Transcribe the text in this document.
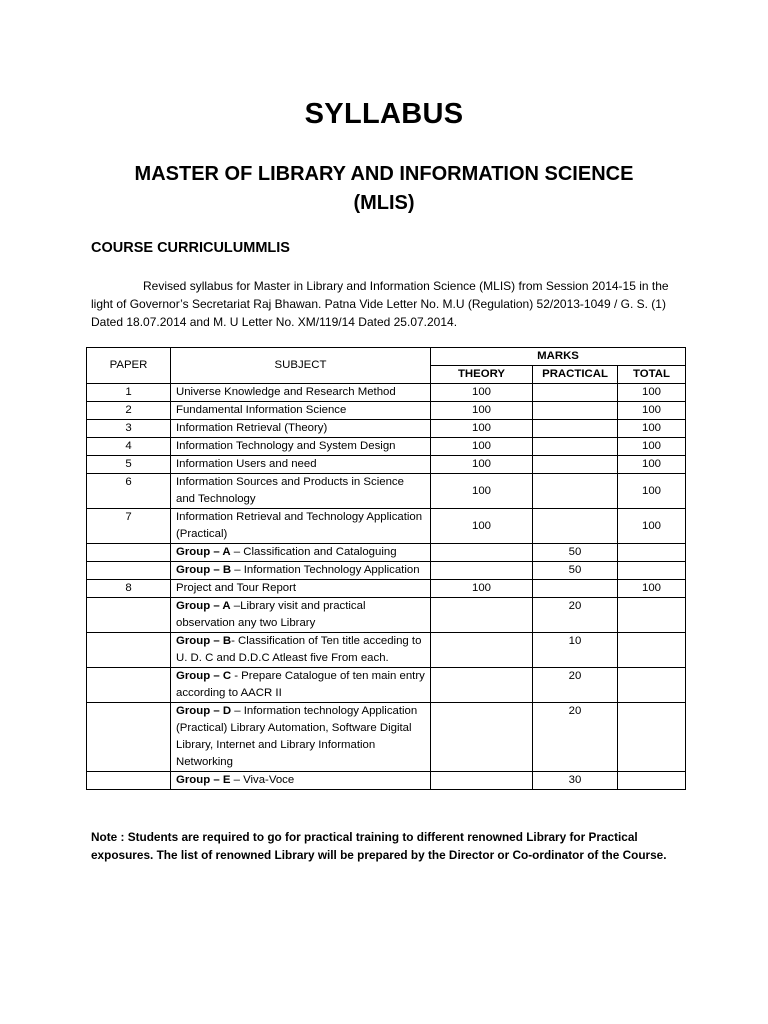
SYLLABUS
MASTER OF LIBRARY AND INFORMATION SCIENCE
(MLIS)
COURSE CURRICULUMMLIS
Revised syllabus for Master in Library and Information Science (MLIS) from Session 2014-15 in the light of Governor’s Secretariat Raj Bhawan. Patna Vide Letter No. M.U (Regulation) 52/2013-1049 / G. S. (1) Dated 18.07.2014 and M. U Letter No. XM/119/14 Dated 25.07.2014.
PAPER	SUBJECT	MARKS		
		THEORY	PRACTICAL	TOTAL
1	Universe Knowledge and Research Method	100		100
2	Fundamental Information Science	100		100
3	Information Retrieval (Theory)	100		100
4	Information Technology and System Design	100		100
5	Information Users and need	100		100
6	Information Sources and Products in Science and Technology	100		100
7	Information Retrieval and Technology Application (Practical)	100		100
	Group – A – Classification and Cataloguing		50	
	Group – B – Information Technology Application		50	
8	Project and Tour Report	100		100
	Group – A –Library visit and practical observation any two Library		20	
	Group – B- Classification of Ten title acceding to U. D. C and D.D.C Atleast five From each.		10	
	Group – C - Prepare Catalogue of ten main entry according to AACR II		20	
	Group – D – Information technology Application (Practical) Library Automation, Software Digital Library, Internet and Library Information Networking		20	
	Group – E – Viva-Voce		30	
Note : Students are required to go for practical training to different renowned Library for Practical exposures. The list of renowned Library will be prepared by the Director or Co-ordinator of the Course.
